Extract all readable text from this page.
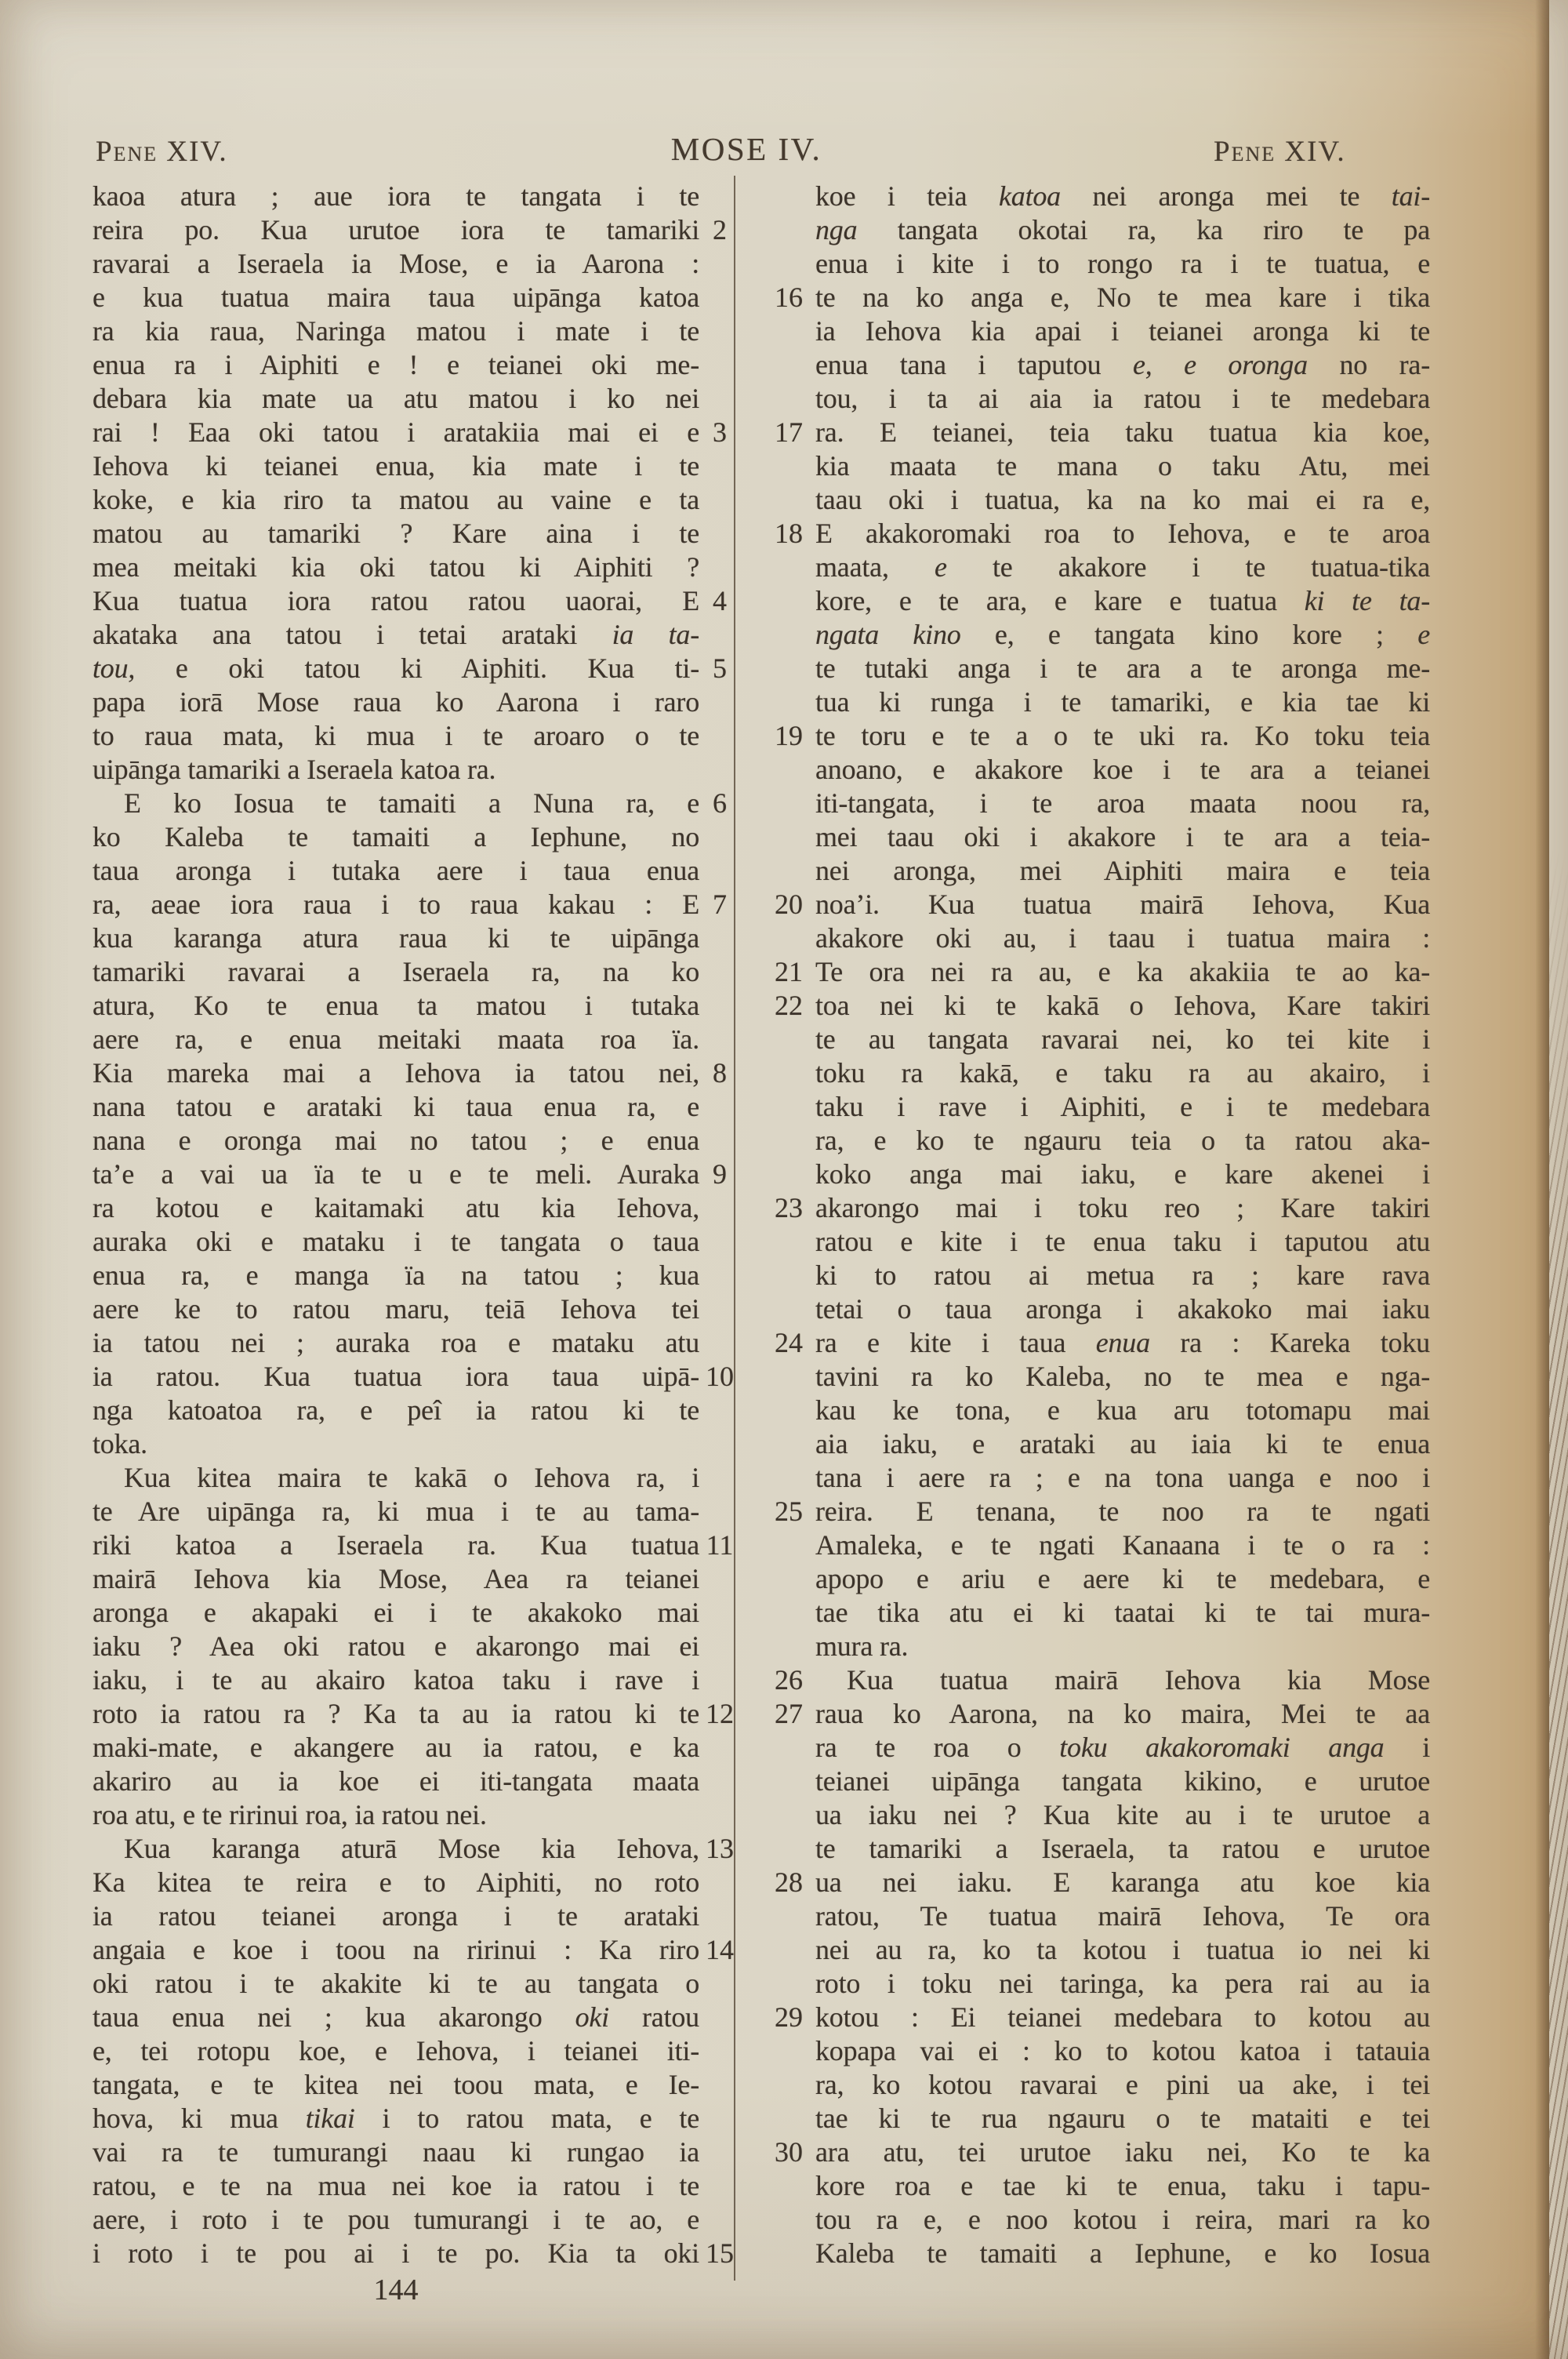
Pene XIV.	MOSE IV.	Pene XIV.
kaoa atura ; aue iora te tangata i te
2
reira po. Kua urutoe iora te tamariki
ravarai a Iseraela ia Mose, e ia Aarona :
e kua tuatua maira taua uipānga katoa
ra kia raua, Naringa matou i mate i te
enua ra i Aiphiti e ! e teianei oki me-
debara kia mate ua atu matou i ko nei
3
rai ! Eaa oki tatou i aratakiia mai ei e
Iehova ki teianei enua, kia mate i te
koke, e kia riro ta matou au vaine e ta
matou au tamariki ? Kare aina i te
mea meitaki kia oki tatou ki Aiphiti ?
4
Kua tuatua iora ratou ratou uaorai, E
akataka ana tatou i tetai arataki ia ta-
5
tou, e oki tatou ki Aiphiti. Kua ti-
papa iorā Mose raua ko Aarona i raro
to raua mata, ki mua i te aroaro o te
uipānga tamariki a Iseraela katoa ra.
6
E ko Iosua te tamaiti a Nuna ra, e
ko Kaleba te tamaiti a Iephune, no
taua aronga i tutaka aere i taua enua
7
ra, aeae iora raua i to raua kakau : E
kua karanga atura raua ki te uipānga
tamariki ravarai a Iseraela ra, na ko
atura, Ko te enua ta matou i tutaka
aere ra, e enua meitaki maata roa ïa.
8
Kia mareka mai a Iehova ia tatou nei,
nana tatou e arataki ki taua enua ra, e
nana e oronga mai no tatou ; e enua
9
ta’e a vai ua ïa te u e te meli. Auraka
ra kotou e kaitamaki atu kia Iehova,
auraka oki e mataku i te tangata o taua
enua ra, e manga ïa na tatou ; kua
aere ke to ratou maru, teiā Iehova tei
ia tatou nei ; auraka roa e mataku atu
10
ia ratou. Kua tuatua iora taua uipā-
nga katoatoa ra, e peî ia ratou ki te
toka.
Kua kitea maira te kakā o Iehova ra, i
te Are uipānga ra, ki mua i te au tama-
11
riki katoa a Iseraela ra. Kua tuatua
mairā Iehova kia Mose, Aea ra teianei
aronga e akapaki ei i te akakoko mai
iaku ? Aea oki ratou e akarongo mai ei
iaku, i te au akairo katoa taku i rave i
12
roto ia ratou ra ? Ka ta au ia ratou ki te
maki-mate, e akangere au ia ratou, e ka
akariro au ia koe ei iti-tangata maata
roa atu, e te ririnui roa, ia ratou nei.
13
Kua karanga aturā Mose kia Iehova,
Ka kitea te reira e to Aiphiti, no roto
ia ratou teianei aronga i te arataki
14
angaia e koe i toou na ririnui : Ka riro
oki ratou i te akakite ki te au tangata o
taua enua nei ; kua akarongo oki ratou
e, tei rotopu koe, e Iehova, i teianei iti-
tangata, e te kitea nei toou mata, e Ie-
hova, ki mua tikai i to ratou mata, e te
vai ra te tumurangi naau ki rungao ia
ratou, e te na mua nei koe ia ratou i te
aere, i roto i te pou tumurangi i te ao, e
15
i roto i te pou ai i te po. Kia ta oki
koe i teia katoa nei aronga mei te tai-
nga tangata okotai ra, ka riro te pa
enua i kite i to rongo ra i te tuatua, e
16 te na ko anga e, No te mea kare i tika
ia Iehova kia apai i teianei aronga ki te
enua tana i taputou e, e oronga no ra-
tou, i ta ai aia ia ratou i te medebara
17 ra. E teianei, teia taku tuatua kia koe,
kia maata te mana o taku Atu, mei
taau oki i tuatua, ka na ko mai ei ra e,
18 E akakoromaki roa to Iehova, e te aroa
maata, e te akakore i te tuatua-tika
kore, e te ara, e kare e tuatua ki te ta-
ngata kino e, e tangata kino kore ; e
te tutaki anga i te ara a te aronga me-
tua ki runga i te tamariki, e kia tae ki
19 te toru e te a o te uki ra. Ko toku teia
anoano, e akakore koe i te ara a teianei
iti-tangata, i te aroa maata noou ra,
mei taau oki i akakore i te ara a teia-
nei aronga, mei Aiphiti maira e teia
20 noa’i. Kua tuatua mairā Iehova, Kua
akakore oki au, i taau i tuatua maira :
21 Te ora nei ra au, e ka akakiia te ao ka-
22 toa nei ki te kakā o Iehova, Kare takiri
te au tangata ravarai nei, ko tei kite i
toku ra kakā, e taku ra au akairo, i
taku i rave i Aiphiti, e i te medebara
ra, e ko te ngauru teia o ta ratou aka-
koko anga mai iaku, e kare akenei i
23 akarongo mai i toku reo ; Kare takiri
ratou e kite i te enua taku i taputou atu
ki to ratou ai metua ra ; kare rava
tetai o taua aronga i akakoko mai iaku
24 ra e kite i taua enua ra : Kareka toku
tavini ra ko Kaleba, no te mea e nga-
kau ke tona, e kua aru totomapu mai
aia iaku, e arataki au iaia ki te enua
tana i aere ra ; e na tona uanga e noo i
25 reira. E tenana, te noo ra te ngati
Amaleka, e te ngati Kanaana i te o ra :
apopo e ariu e aere ki te medebara, e
tae tika atu ei ki taatai ki te tai mura-
mura ra.
26	Kua tuatua mairā Iehova kia Mose
27 raua ko Aarona, na ko maira, Mei te aa
ra te roa o toku akakoromaki anga i
teianei uipānga tangata kikino, e urutoe
ua iaku nei ? Kua kite au i te urutoe a
te tamariki a Iseraela, ta ratou e urutoe
28 ua nei iaku. E karanga atu koe kia
ratou, Te tuatua mairā Iehova, Te ora
nei au ra, ko ta kotou i tuatua io nei ki
roto i toku nei taringa, ka pera rai au ia
29 kotou : Ei teianei medebara to kotou au
kopapa vai ei : ko to kotou katoa i tatauia
ra, ko kotou ravarai e pini ua ake, i tei
tae ki te rua ngauru o te mataiti e tei
30 ara atu, tei urutoe iaku nei, Ko te ka
kore roa e tae ki te enua, taku i tapu-
tou ra e, e noo kotou i reira, mari ra ko
Kaleba te tamaiti a Iephune, e ko Iosua
144
